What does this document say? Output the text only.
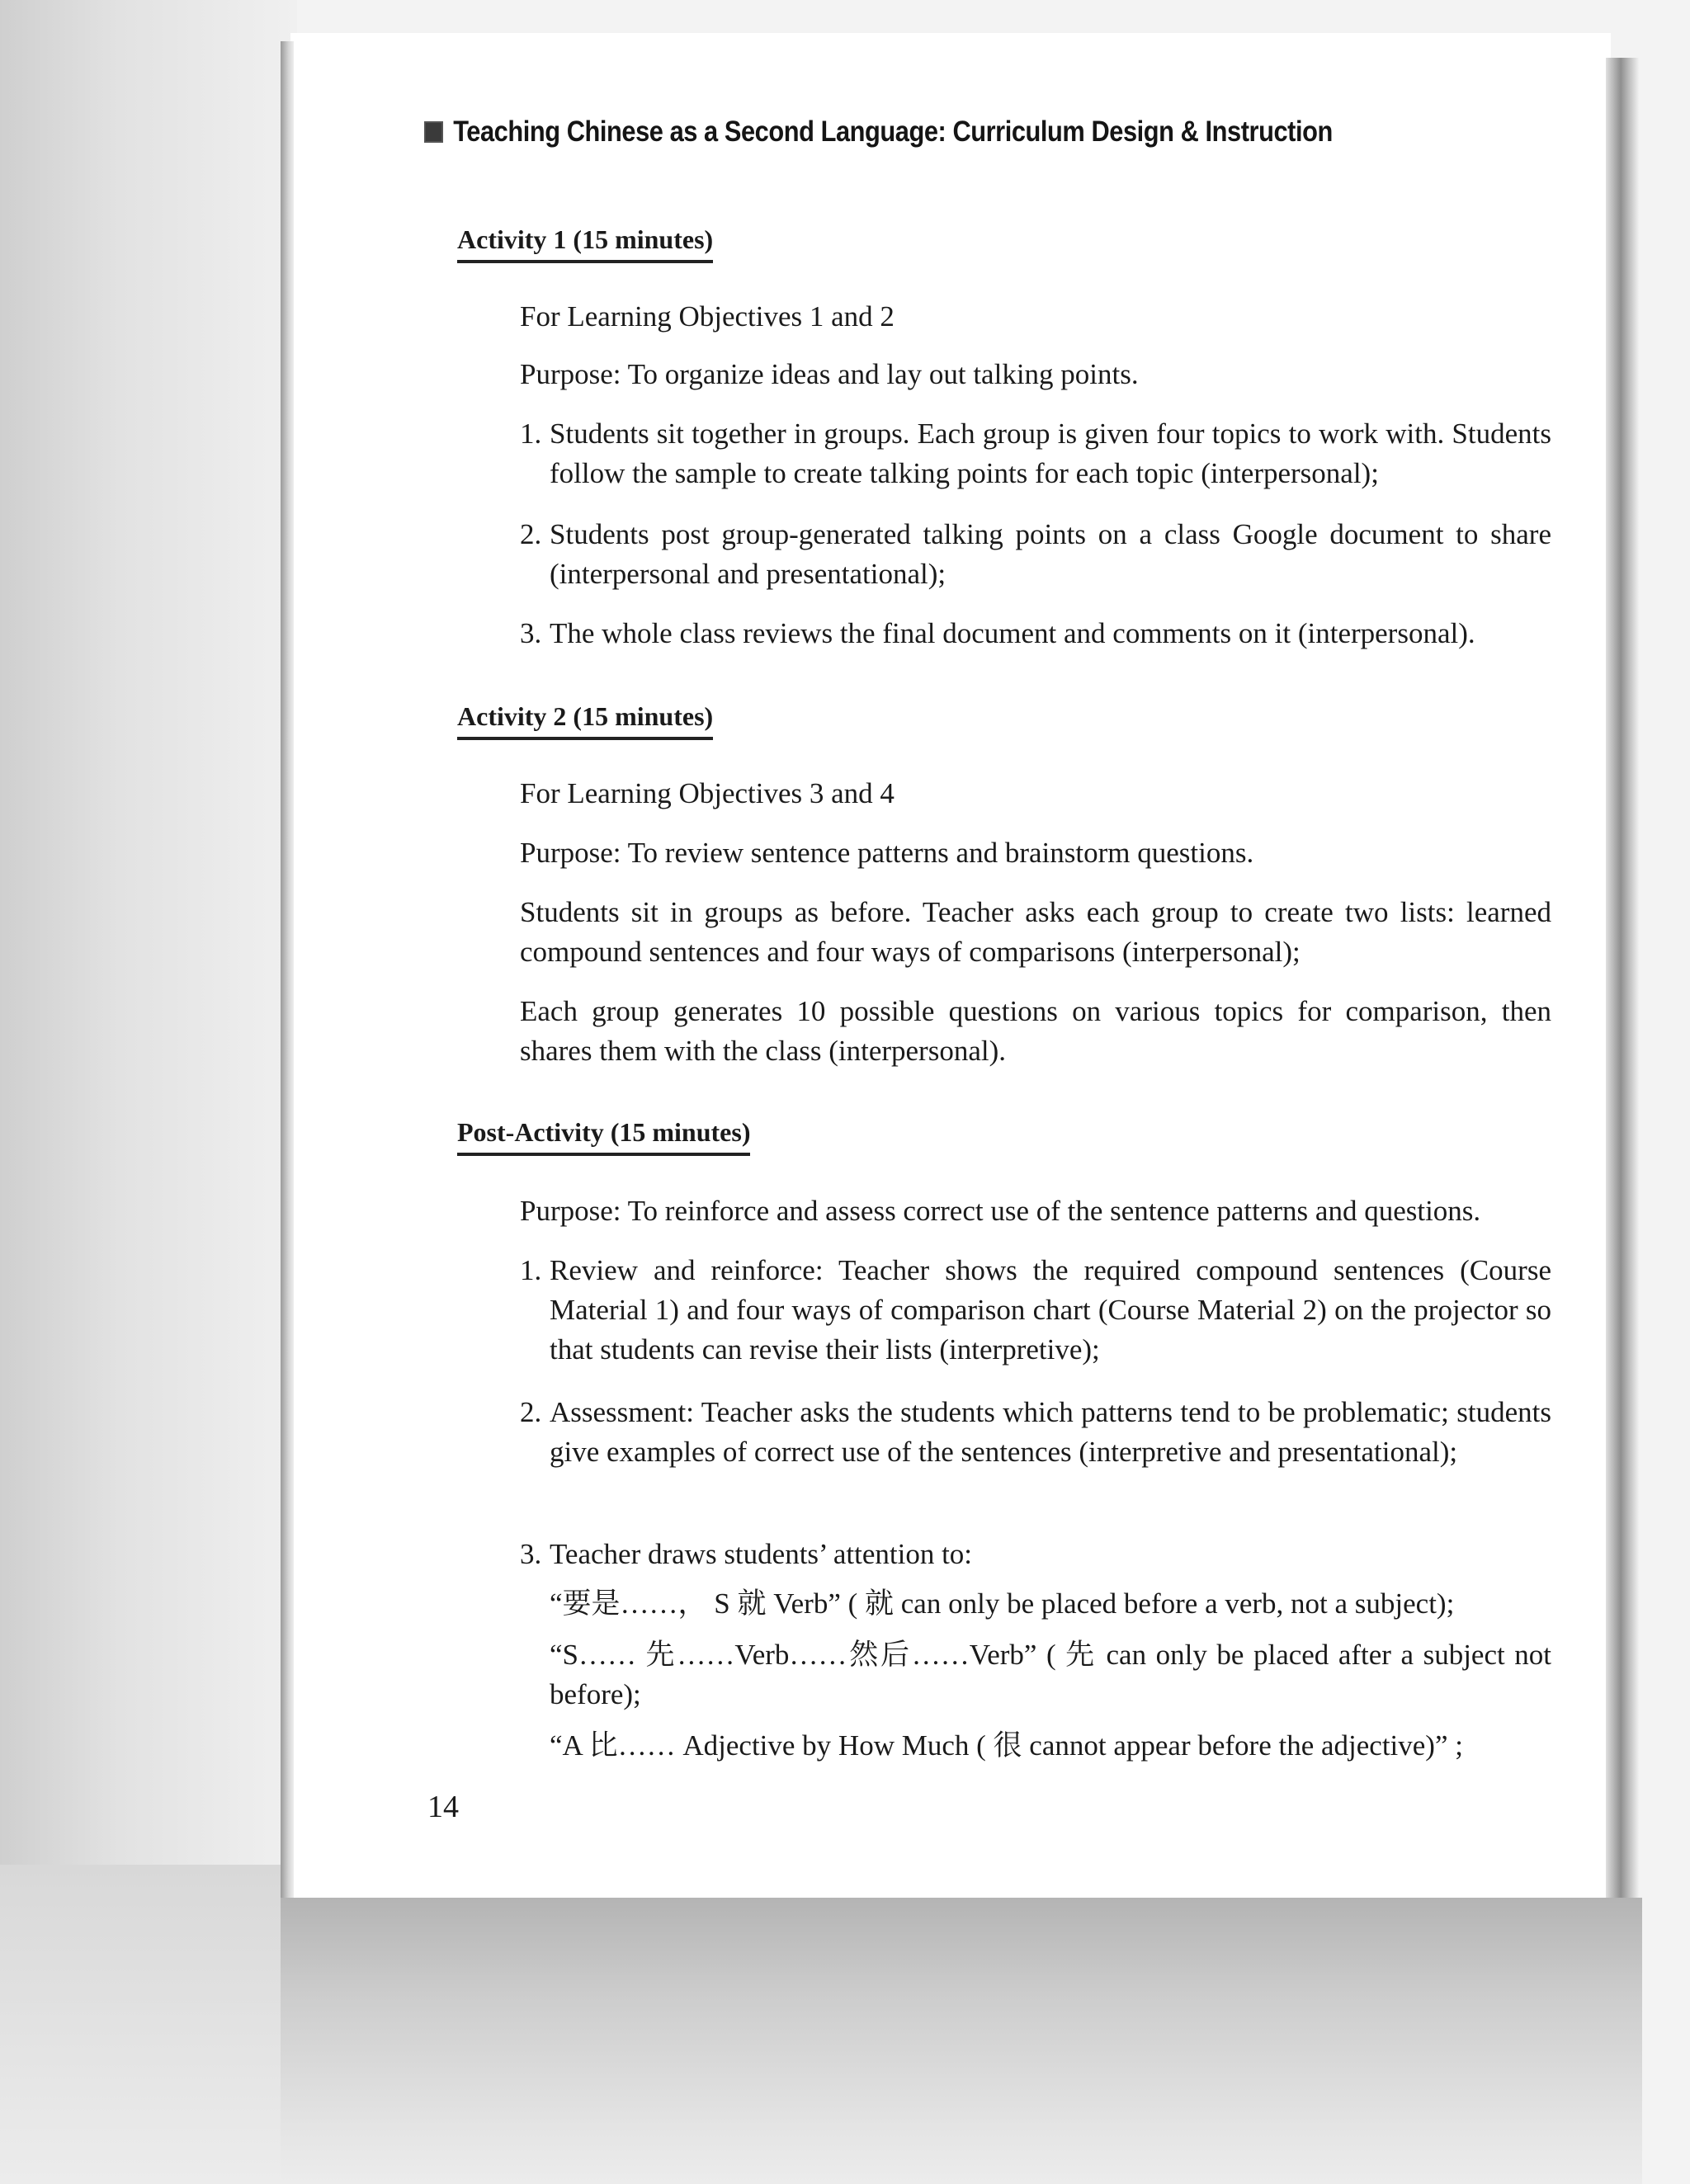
Teaching Chinese as a Second Language: Curriculum Design & Instruction
Activity 1 (15 minutes)

For Learning Objectives 1 and 2

Purpose: To organize ideas and lay out talking points.

1. Students sit together in groups. Each group is given four topics to work with. Students follow the sample to create talking points for each topic (interpersonal);
2. Students post group-generated talking points on a class Google document to share (interpersonal and presentational);
3. The whole class reviews the final document and comments on it (interpersonal).
Activity 2 (15 minutes)

For Learning Objectives 3 and 4

Purpose: To review sentence patterns and brainstorm questions.

Students sit in groups as before. Teacher asks each group to create two lists: learned compound sentences and four ways of comparisons (interpersonal);

Each group generates 10 possible questions on various topics for comparison, then shares them with the class (interpersonal).

Post-Activity (15 minutes)

Purpose: To reinforce and assess correct use of the sentence patterns and questions.

1. Review and reinforce: Teacher shows the required compound sentences (Course Material 1) and four ways of comparison chart (Course Material 2) on the projector so that students can revise their lists (interpretive);
2. Assessment: Teacher asks the students which patterns tend to be problematic; students give examples of correct use of the sentences (interpretive and presentational);
3. Teacher draws students’ attention to:

“要是……， S 就 Verb” ( 就 can only be placed before a verb, not a subject);

“S…… 先……Verb……然后……Verb” ( 先 can only be placed after a subject not before);

“A 比…… Adjective by How Much ( 很 cannot appear before the adjective)” ;

14
